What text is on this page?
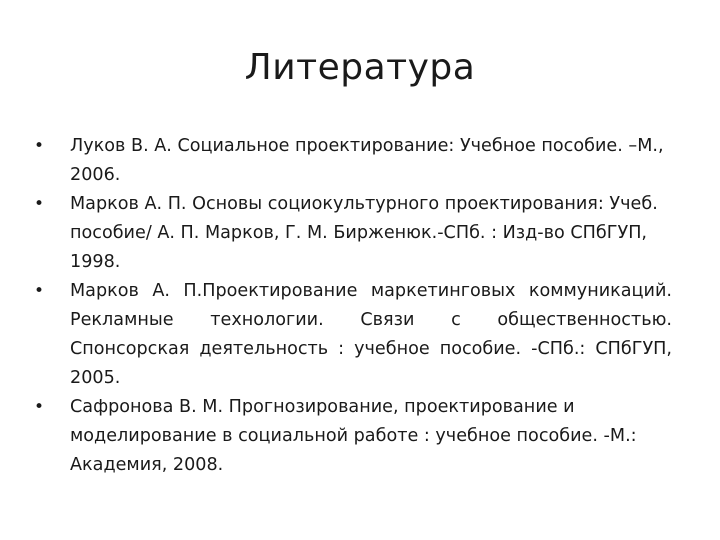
Литература
•	Луков В. А. Социальное проектирование: Учебное пособие. –М., 2006.
•	Марков А. П. Основы социокультурного проектирования: Учеб. пособие/ А. П. Марков, Г. М. Бирженюк.-СПб. : Изд-во СПбГУП, 1998.
•	Марков А. П.Проектирование маркетинговых коммуникаций. Рекламные технологии. Связи с общественностью. Спонсорская деятельность : учебное пособие. -СПб.: СПбГУП, 2005.
•	Сафронова В. М. Прогнозирование, проектирование и моделирование в социальной работе : учебное пособие. -М.: Академия, 2008.
